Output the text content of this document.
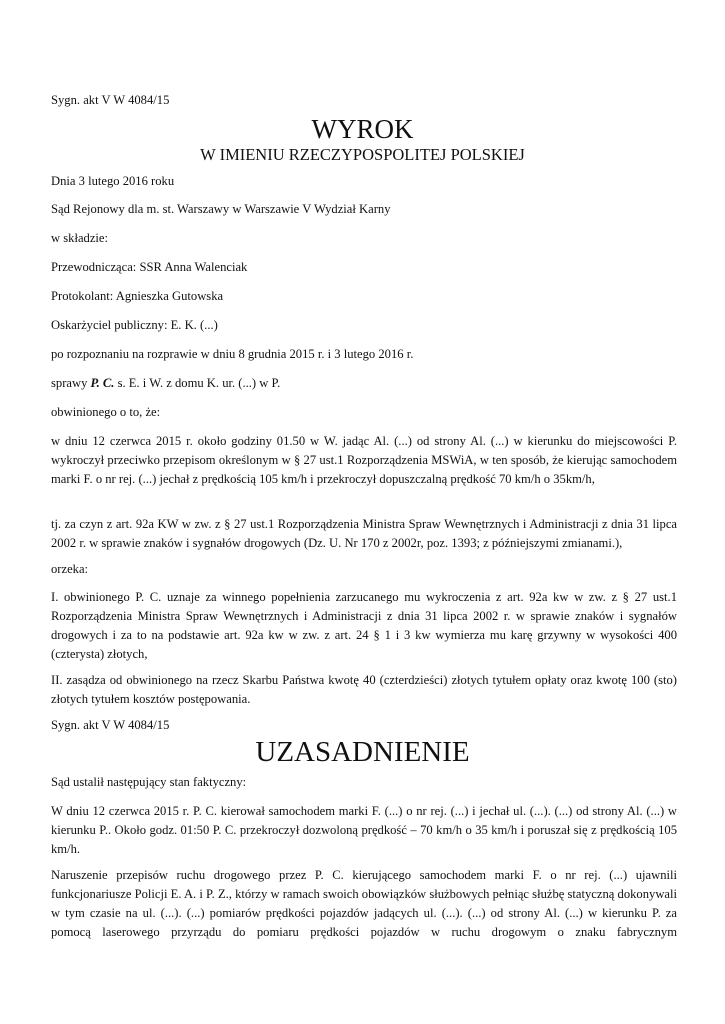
Sygn. akt V W 4084/15

WYROK
W IMIENIU RZECZYPOSPOLITEJ POLSKIEJ

Dnia 3 lutego 2016 roku

Sąd Rejonowy dla m. st. Warszawy w Warszawie V Wydział Karny

w składzie:

Przewodnicząca: SSR Anna Walenciak

Protokolant: Agnieszka Gutowska

Oskarżyciel publiczny: E. K. (...)

po rozpoznaniu na rozprawie w dniu 8 grudnia 2015 r. i 3 lutego 2016 r.

sprawy P. C. s. E. i W. z domu K. ur. (...) w P.

obwinionego o to, że:

w dniu 12 czerwca 2015 r. około godziny 01.50 w W. jadąc Al. (...) od strony Al. (...) w kierunku do miejscowości P. wykroczył przeciwko przepisom określonym w § 27 ust.1 Rozporządzenia MSWiA, w ten sposób, że kierując samochodem marki F. o nr rej. (...) jechał z prędkością 105 km/h i przekroczył dopuszczalną prędkość 70 km/h o 35km/h,

tj. za czyn z art. 92a KW w zw. z § 27 ust.1 Rozporządzenia Ministra Spraw Wewnętrznych i Administracji z dnia 31 lipca 2002 r. w sprawie znaków i sygnałów drogowych (Dz. U. Nr 170 z 2002r, poz. 1393; z późniejszymi zmianami.),

orzeka:

I. obwinionego P. C. uznaje za winnego popełnienia zarzucanego mu wykroczenia z art. 92a kw w zw. z § 27 ust.1 Rozporządzenia Ministra Spraw Wewnętrznych i Administracji z dnia 31 lipca 2002 r. w sprawie znaków i sygnałów drogowych i za to na podstawie art. 92a kw w zw. z art. 24 § 1 i 3 kw wymierza mu karę grzywny w wysokości 400 (czterysta) złotych,

II. zasądza od obwinionego na rzecz Skarbu Państwa kwotę 40 (czterdzieści) złotych tytułem opłaty oraz kwotę 100 (sto) złotych tytułem kosztów postępowania.

Sygn. akt V W 4084/15

UZASADNIENIE

Sąd ustalił następujący stan faktyczny:

W dniu 12 czerwca 2015 r. P. C. kierował samochodem marki F. (...) o nr rej. (...) i jechał ul. (...). (...) od strony Al. (...) w kierunku P.. Około godz. 01:50 P. C. przekroczył dozwoloną prędkość – 70 km/h o 35 km/h i poruszał się z prędkością 105 km/h.

Naruszenie przepisów ruchu drogowego przez P. C. kierującego samochodem marki F. o nr rej. (...) ujawnili funkcjonariusze Policji E. A. i P. Z., którzy w ramach swoich obowiązków służbowych pełniąc służbę statyczną dokonywali w tym czasie na ul. (...). (...) pomiarów prędkości pojazdów jadących ul. (...). (...) od strony Al. (...) w kierunku P. za pomocą laserowego przyrządu do pomiaru prędkości pojazdów w ruchu drogowym o znaku fabrycznym
